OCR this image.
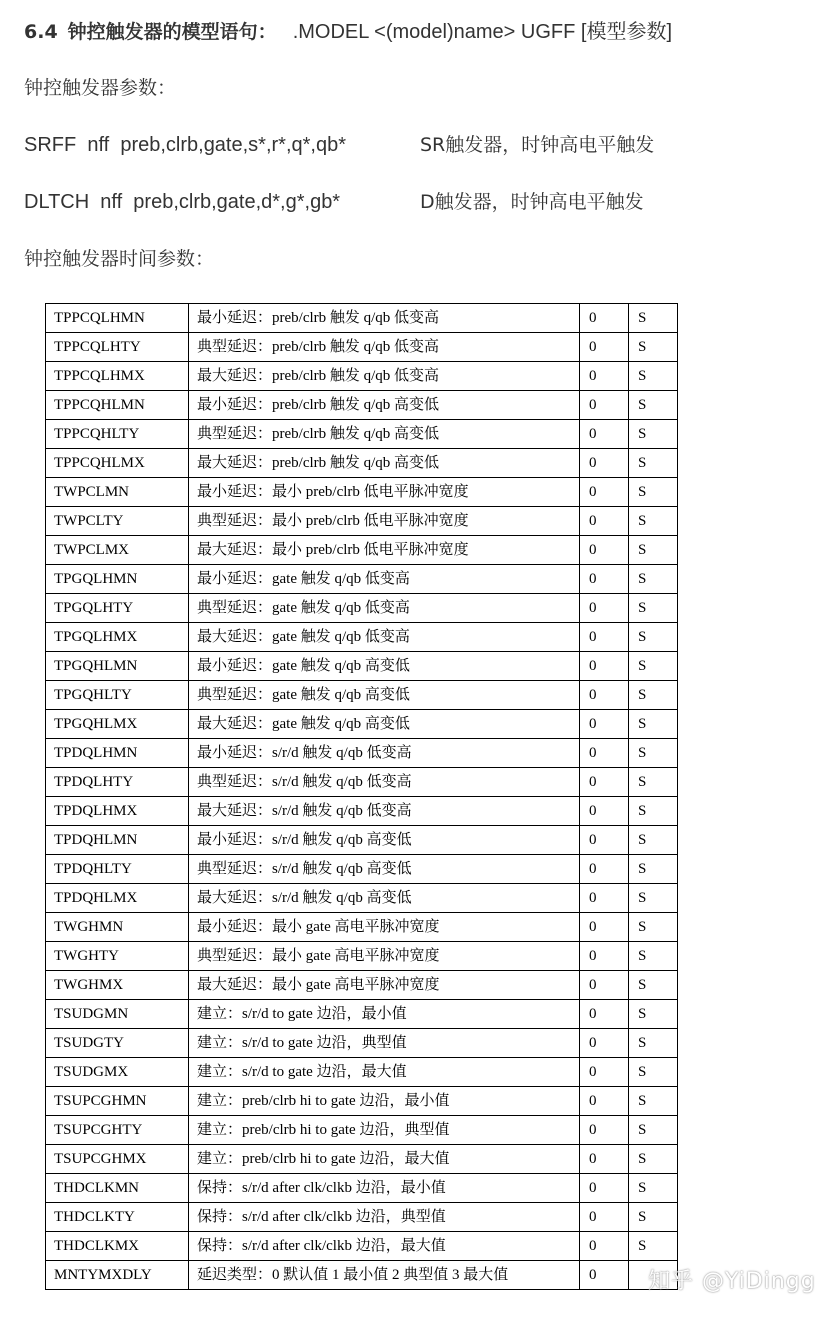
6.4 钟控触发器的模型语句： .MODEL <(model)name> UGFF [模型参数]
钟控触发器参数：
SRFF  nff  preb,clrb,gate,s*,r*,q*,qb*	SR触发器，时钟高电平触发
DLTCH  nff  preb,clrb,gate,d*,g*,gb*	D触发器，时钟高电平触发
钟控触发器时间参数：
TPPCQLHMN	最小延迟：preb/clrb 触发 q/qb 低变高	0	S
TPPCQLHTY	典型延迟：preb/clrb 触发 q/qb 低变高	0	S
TPPCQLHMX	最大延迟：preb/clrb 触发 q/qb 低变高	0	S
TPPCQHLMN	最小延迟：preb/clrb 触发 q/qb 高变低	0	S
TPPCQHLTY	典型延迟：preb/clrb 触发 q/qb 高变低	0	S
TPPCQHLMX	最大延迟：preb/clrb 触发 q/qb 高变低	0	S
TWPCLMN	最小延迟：最小 preb/clrb 低电平脉冲宽度	0	S
TWPCLTY	典型延迟：最小 preb/clrb 低电平脉冲宽度	0	S
TWPCLMX	最大延迟：最小 preb/clrb 低电平脉冲宽度	0	S
TPGQLHMN	最小延迟：gate 触发 q/qb 低变高	0	S
TPGQLHTY	典型延迟：gate 触发 q/qb 低变高	0	S
TPGQLHMX	最大延迟：gate 触发 q/qb 低变高	0	S
TPGQHLMN	最小延迟：gate 触发 q/qb 高变低	0	S
TPGQHLTY	典型延迟：gate 触发 q/qb 高变低	0	S
TPGQHLMX	最大延迟：gate 触发 q/qb 高变低	0	S
TPDQLHMN	最小延迟：s/r/d 触发 q/qb 低变高	0	S
TPDQLHTY	典型延迟：s/r/d 触发 q/qb 低变高	0	S
TPDQLHMX	最大延迟：s/r/d 触发 q/qb 低变高	0	S
TPDQHLMN	最小延迟：s/r/d 触发 q/qb 高变低	0	S
TPDQHLTY	典型延迟：s/r/d 触发 q/qb 高变低	0	S
TPDQHLMX	最大延迟：s/r/d 触发 q/qb 高变低	0	S
TWGHMN	最小延迟：最小 gate 高电平脉冲宽度	0	S
TWGHTY	典型延迟：最小 gate 高电平脉冲宽度	0	S
TWGHMX	最大延迟：最小 gate 高电平脉冲宽度	0	S
TSUDGMN	建立：s/r/d to gate 边沿，最小值	0	S
TSUDGTY	建立：s/r/d to gate 边沿，典型值	0	S
TSUDGMX	建立：s/r/d to gate 边沿，最大值	0	S
TSUPCGHMN	建立：preb/clrb hi to gate 边沿，最小值	0	S
TSUPCGHTY	建立：preb/clrb hi to gate 边沿，典型值	0	S
TSUPCGHMX	建立：preb/clrb hi to gate 边沿，最大值	0	S
THDCLKMN	保持：s/r/d after clk/clkb 边沿，最小值	0	S
THDCLKTY	保持：s/r/d after clk/clkb 边沿，典型值	0	S
THDCLKMX	保持：s/r/d after clk/clkb 边沿，最大值	0	S
MNTYMXDLY	延迟类型：0 默认值 1 最小值 2 典型值 3 最大值	0	知乎 @YiDingg
